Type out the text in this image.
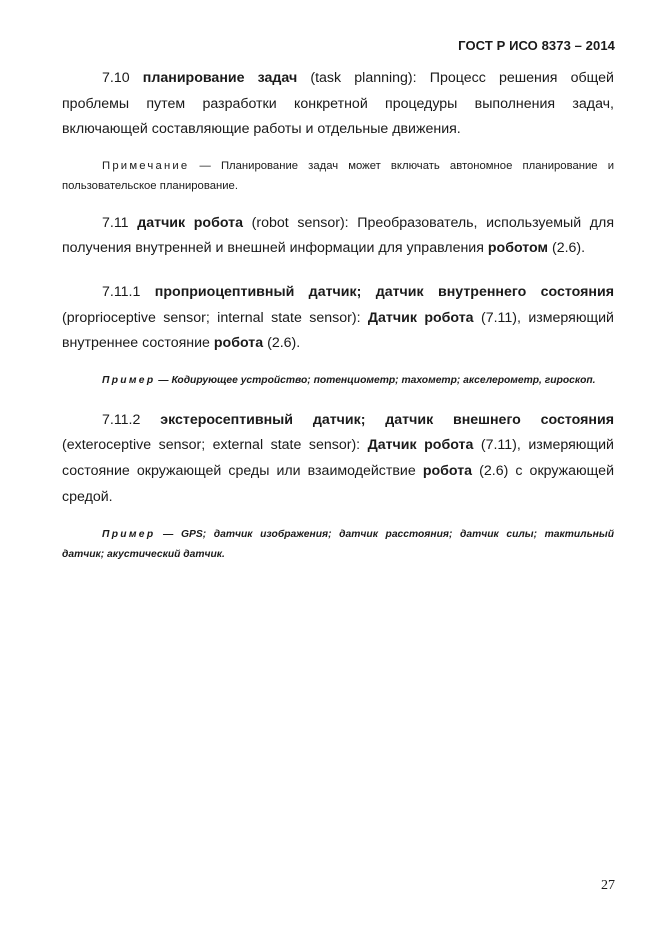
ГОСТ Р ИСО 8373 – 2014

7.10 планирование задач (task planning): Процесс решения общей проблемы путем разработки конкретной процедуры выполнения задач, включающей составляющие работы и отдельные движения.

Примечание — Планирование задач может включать автономное планирование и пользовательское планирование.

7.11 датчик робота (robot sensor): Преобразователь, используемый для получения внутренней и внешней информации для управления роботом (2.6).

7.11.1 проприоцептивный датчик; датчик внутреннего состояния (proprioceptive sensor; internal state sensor): Датчик робота (7.11), измеряющий внутреннее состояние робота (2.6).

Пример — Кодирующее устройство; потенциометр; тахометр; акселерометр, гироскоп.

7.11.2 экстеросептивный датчик; датчик внешнего состояния (exteroceptive sensor; external state sensor): Датчик робота (7.11), измеряющий состояние окружающей среды или взаимодействие робота (2.6) с окружающей средой.

Пример — GPS; датчик изображения; датчик расстояния; датчик силы; тактильный датчик; акустический датчик.

27
